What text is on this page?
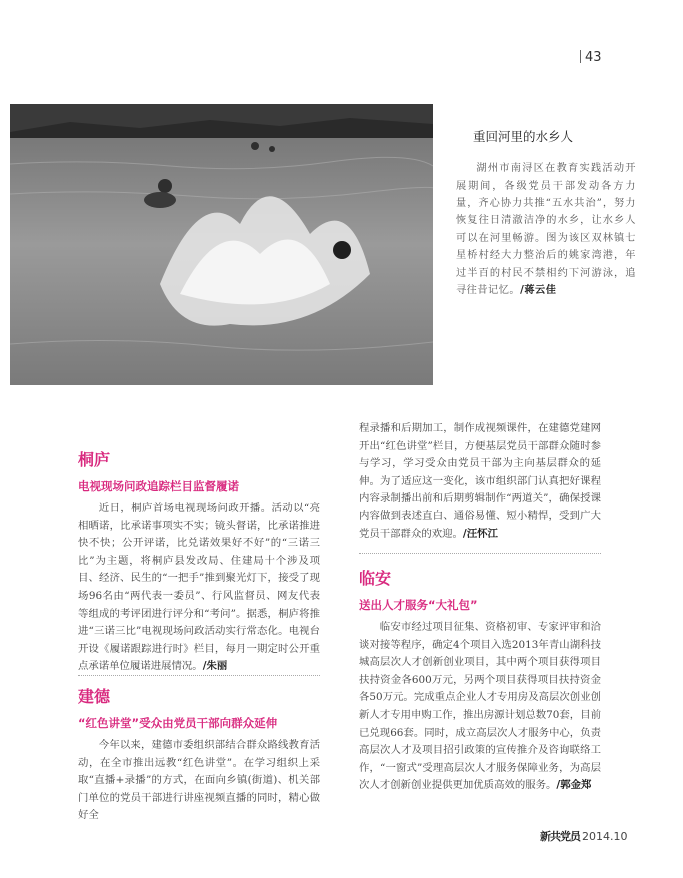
43
重回河里的水乡人

湖州市南浔区在教育实践活动开展期间，各级党员干部发动各方力量，齐心协力共推“五水共治”，努力恢复往日清澈洁净的水乡，让水乡人可以在河里畅游。图为该区双林镇七星桥村经大力整治后的姚家湾港，年过半百的村民不禁相约下河游泳，追寻往昔记忆。/蒋云佳

桐庐
电视现场问政追踪栏目监督履诺

近日，桐庐首场电视现场问政开播。活动以“亮相晒诺，比承诺事项实不实；镜头督诺，比承诺推进快不快；公开评诺，比兑诺效果好不好”的“三诺三比”为主题，将桐庐县发改局、住建局十个涉及项目、经济、民生的“一把手”推到聚光灯下，接受了现场96名由“两代表一委员”、行风监督员、网友代表等组成的考评团进行评分和“考问”。据悉，桐庐将推进“三诺三比”电视现场问政活动实行常态化。电视台开设《履诺跟踪进行时》栏目，每月一期定时公开重点承诺单位履诺进展情况。/朱丽

建德
“红色讲堂”受众由党员干部向群众延伸

今年以来，建德市委组织部结合群众路线教育活动，在全市推出远教“红色讲堂”。在学习组织上采取“直播+录播”的方式，在面向乡镇(街道)、机关部门单位的党员干部进行讲座视频直播的同时，精心做好全

程录播和后期加工，制作成视频课件，在建德党建网开出“红色讲堂”栏目，方便基层党员干部群众随时参与学习，学习受众由党员干部为主向基层群众的延伸。为了适应这一变化，该市组织部门认真把好课程内容录制播出前和后期剪辑制作“两道关”，确保授课内容做到表述直白、通俗易懂、短小精悍，受到广大党员干部群众的欢迎。/汪怀江

临安
送出人才服务“大礼包”

临安市经过项目征集、资格初审、专家评审和洽谈对接等程序，确定4个项目入选2013年青山湖科技城高层次人才创新创业项目，其中两个项目获得项目扶持资金各600万元，另两个项目获得项目扶持资金各50万元。完成重点企业人才专用房及高层次创业创新人才专用申购工作，推出房源计划总数70套，目前已兑现66套。同时，成立高层次人才服务中心，负责高层次人才及项目招引政策的宣传推介及咨询联络工作，“一窗式”受理高层次人才服务保障业务，为高层次人才创新创业提供更加优质高效的服务。/郭金郑

新共党员 2014.10
